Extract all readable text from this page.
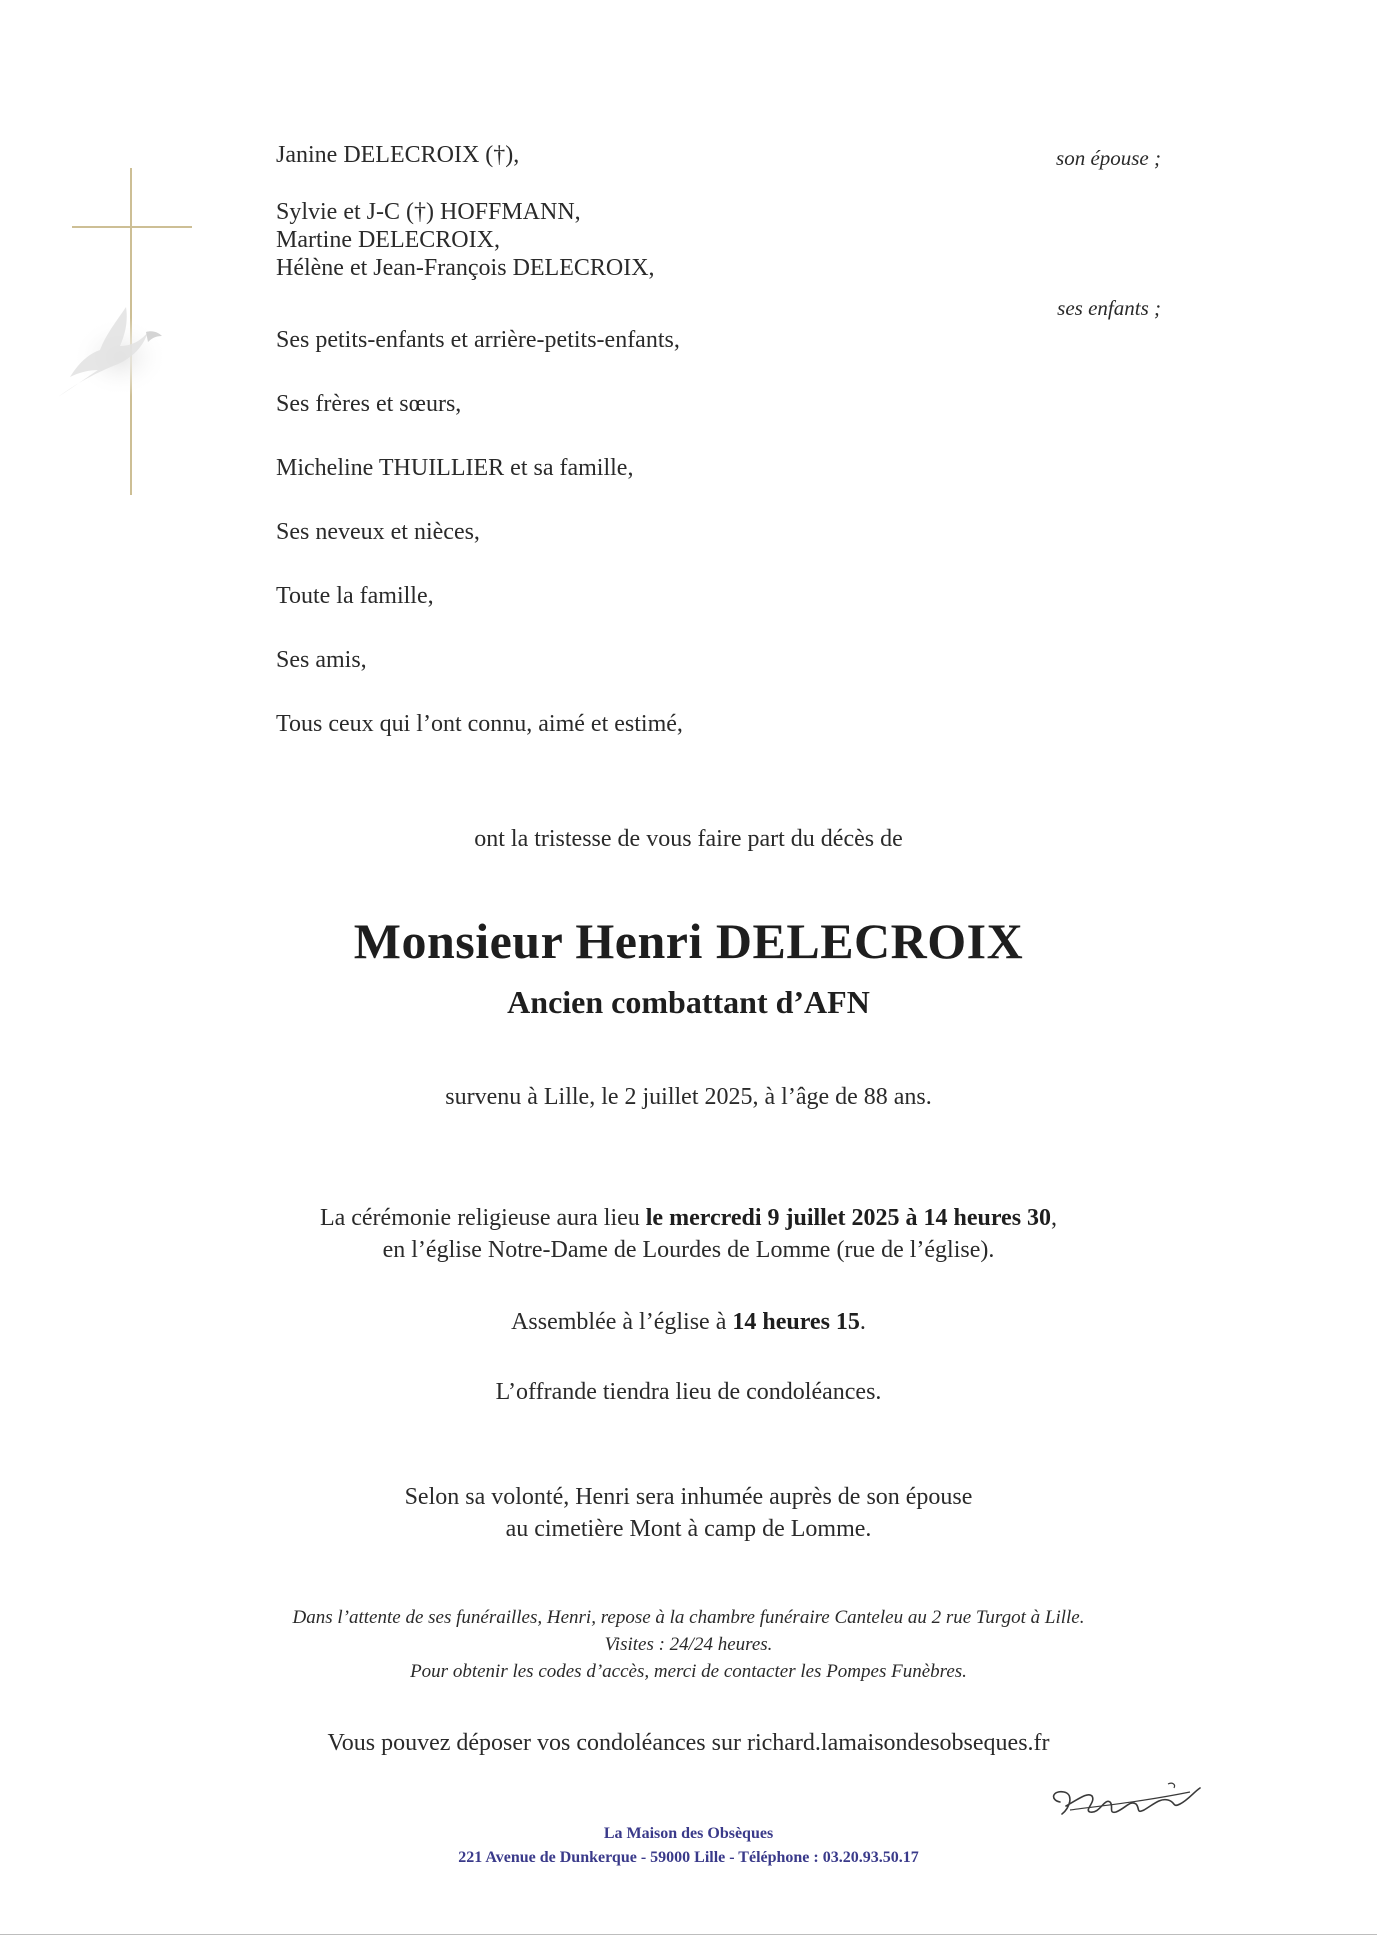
Janine DELECROIX (†),	son épouse ;
Sylvie et J-C (†) HOFFMANN,
Martine DELECROIX,
Hélène et Jean-François DELECROIX,
ses enfants ;
Ses petits-enfants et arrière-petits-enfants,
Ses frères et sœurs,
Micheline THUILLIER et sa famille,
Ses neveux et nièces,
Toute la famille,
Ses amis,
Tous ceux qui l’ont connu, aimé et estimé,
ont la tristesse de vous faire part du décès de
Monsieur Henri DELECROIX
Ancien combattant d’AFN
survenu à Lille, le 2 juillet 2025, à l’âge de 88 ans.
La cérémonie religieuse aura lieu le mercredi 9 juillet 2025 à 14 heures 30,
en l’église Notre-Dame de Lourdes de Lomme (rue de l’église).
Assemblée à l’église à 14 heures 15.
L’offrande tiendra lieu de condoléances.
Selon sa volonté, Henri sera inhumée auprès de son épouse
au cimetière Mont à camp de Lomme.
Dans l’attente de ses funérailles, Henri, repose à la chambre funéraire Canteleu au 2 rue Turgot à Lille.
Visites : 24/24 heures.
Pour obtenir les codes d’accès, merci de contacter les Pompes Funèbres.
Vous pouvez déposer vos condoléances sur richard.lamaisondesobseques.fr
La Maison des Obsèques
221 Avenue de Dunkerque - 59000 Lille - Téléphone : 03.20.93.50.17
